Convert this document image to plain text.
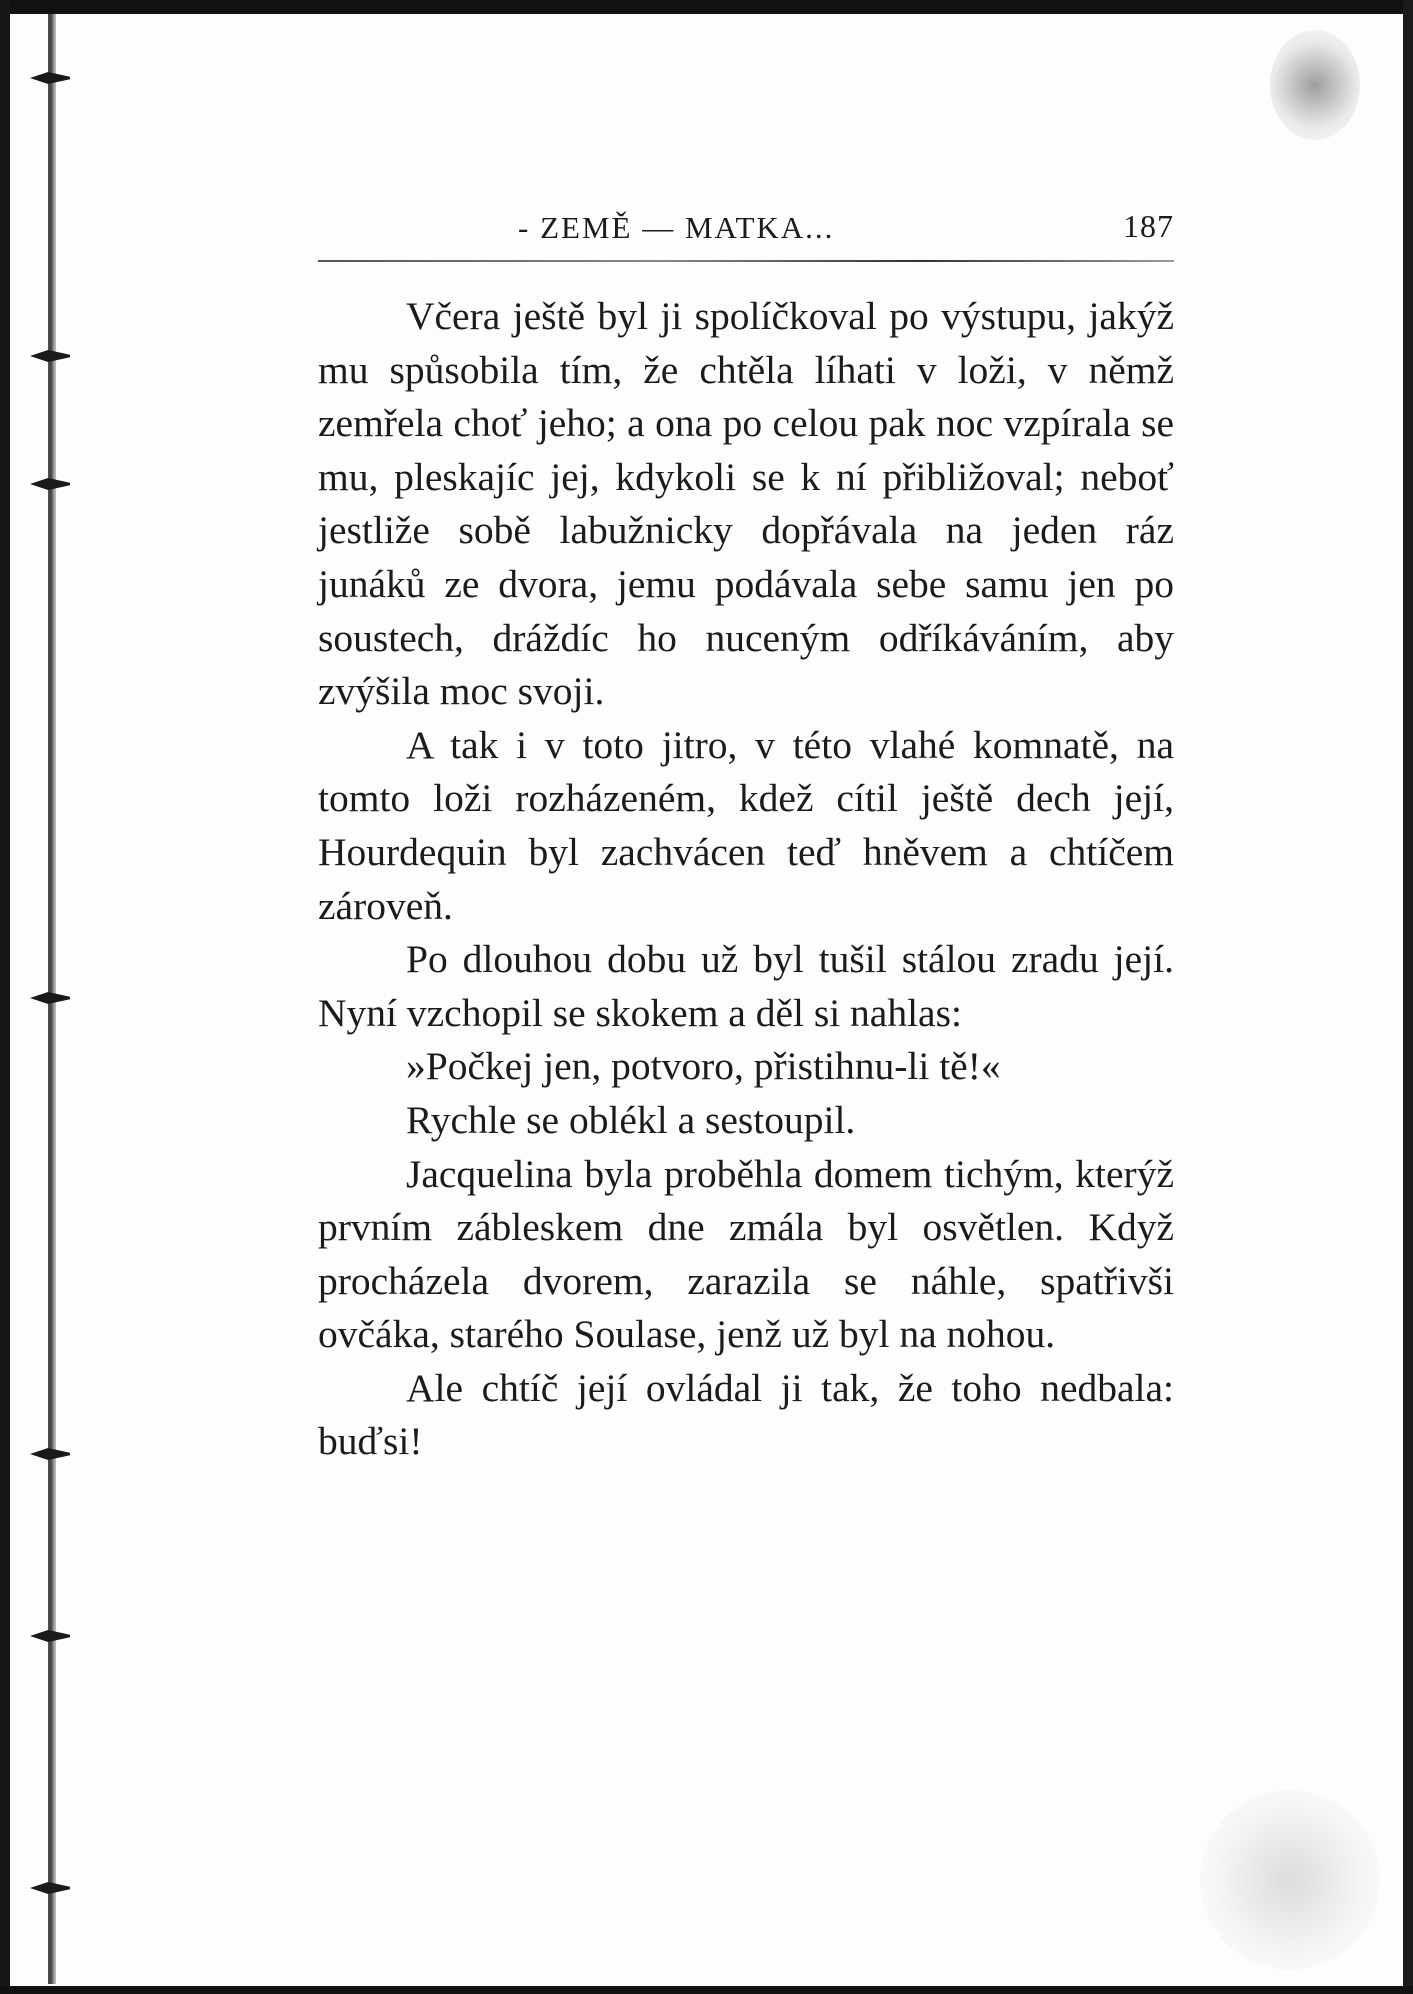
- ZEMĚ — MATKA...	187

Včera ještě byl ji spolíčkoval po výstupu, jakýž mu spůsobila tím, že chtěla líhati v loži, v němž zemřela choť jeho; a ona po celou pak noc vzpírala se mu, pleskajíc jej, kdykoli se k ní přibližoval; neboť jestliže sobě labužnicky dopřávala na jeden ráz junáků ze dvora, jemu podávala sebe samu jen po soustech, dráždíc ho nuceným odříkáváním, aby zvýšila moc svoji.

A tak i v toto jitro, v této vlahé komnatě, na tomto loži rozházeném, kdež cítil ještě dech její, Hourdequin byl zachvácen teď hněvem a chtíčem zároveň.

Po dlouhou dobu už byl tušil stálou zradu její. Nyní vzchopil se skokem a děl si nahlas:

»Počkej jen, potvoro, přistihnu-li tě!«

Rychle se oblékl a sestoupil.

Jacquelina byla proběhla domem tichým, kterýž prvním zábleskem dne zmála byl osvětlen. Když procházela dvorem, zarazila se náhle, spatřivši ovčáka, starého Soulase, jenž už byl na nohou.

Ale chtíč její ovládal ji tak, že toho nedbala: buďsi!
